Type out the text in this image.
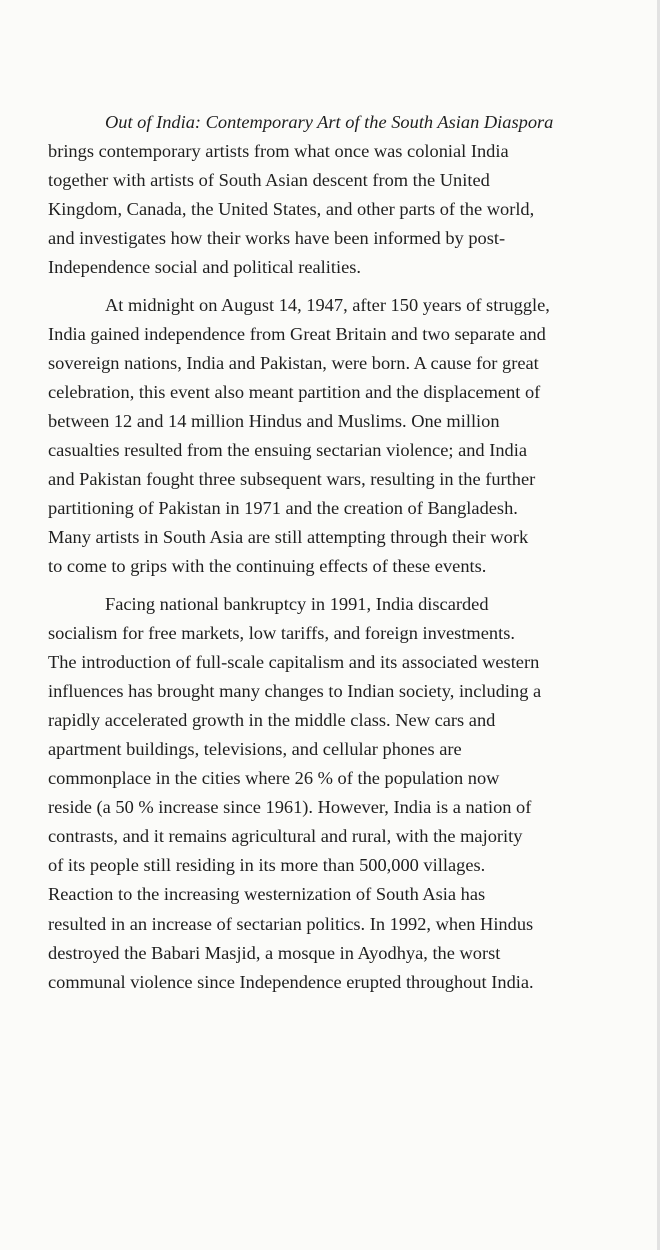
Out of India: Contemporary Art of the South Asian Diaspora
brings contemporary artists from what once was colonial India
together with artists of South Asian descent from the United
Kingdom, Canada, the United States, and other parts of the world,
and investigates how their works have been informed by post-
Independence social and political realities.
At midnight on August 14, 1947, after 150 years of struggle,
India gained independence from Great Britain and two separate and
sovereign nations, India and Pakistan, were born. A cause for great
celebration, this event also meant partition and the displacement of
between 12 and 14 million Hindus and Muslims. One million
casualties resulted from the ensuing sectarian violence; and India
and Pakistan fought three subsequent wars, resulting in the further
partitioning of Pakistan in 1971 and the creation of Bangladesh.
Many artists in South Asia are still attempting through their work
to come to grips with the continuing effects of these events.
Facing national bankruptcy in 1991, India discarded
socialism for free markets, low tariffs, and foreign investments.
The introduction of full-scale capitalism and its associated western
influences has brought many changes to Indian society, including a
rapidly accelerated growth in the middle class. New cars and
apartment buildings, televisions, and cellular phones are
commonplace in the cities where 26 % of the population now
reside (a 50 % increase since 1961). However, India is a nation of
contrasts, and it remains agricultural and rural, with the majority
of its people still residing in its more than 500,000 villages.
Reaction to the increasing westernization of South Asia has
resulted in an increase of sectarian politics. In 1992, when Hindus
destroyed the Babari Masjid, a mosque in Ayodhya, the worst
communal violence since Independence erupted throughout India.
